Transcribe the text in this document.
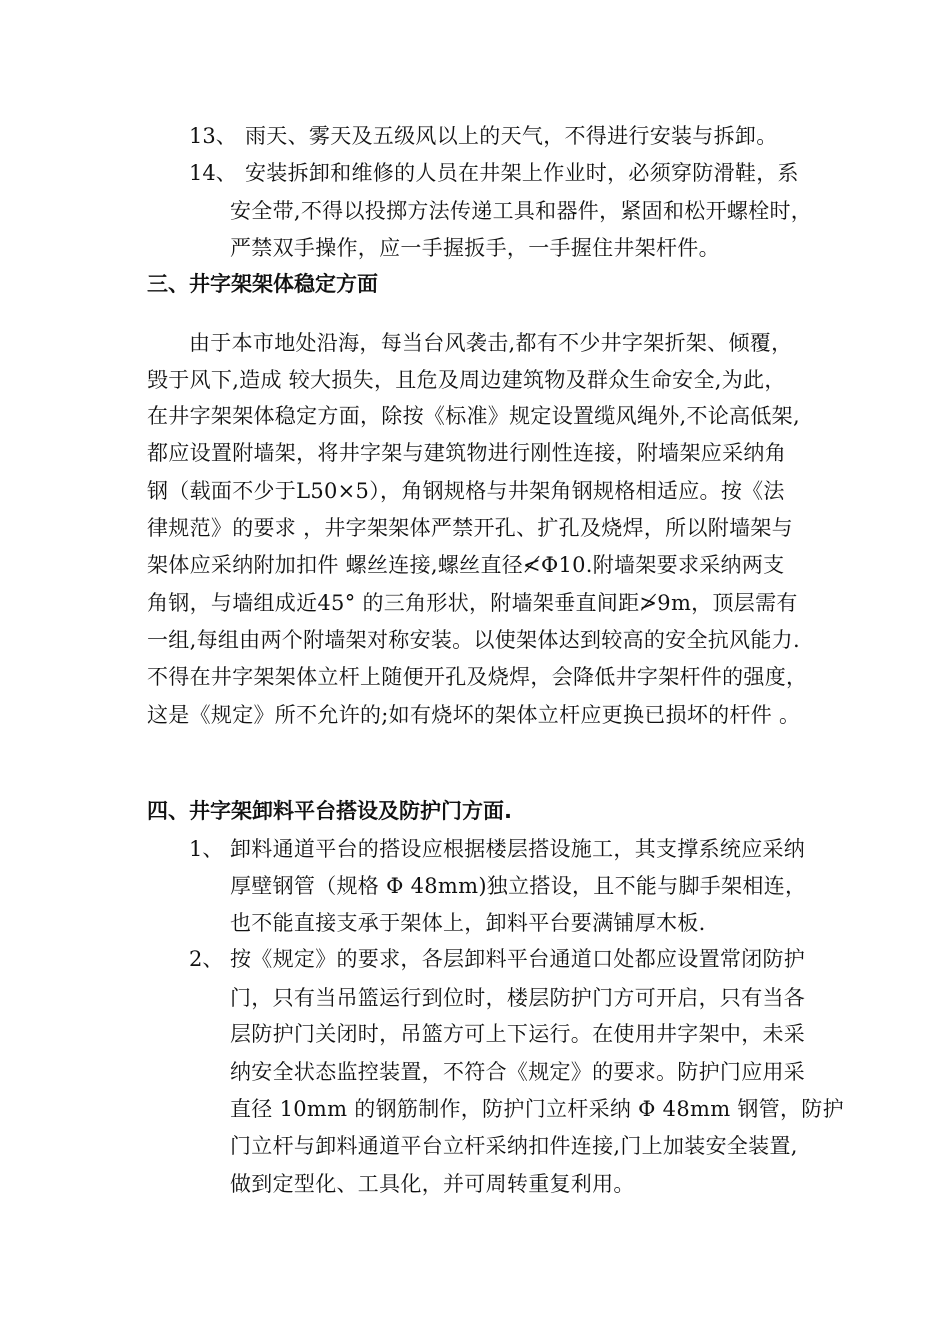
13、 雨天、雾天及五级风以上的天气，不得进行安装与拆卸。
14、 安装拆卸和维修的人员在井架上作业时，必须穿防滑鞋，系
安全带,不得以投掷方法传递工具和器件，紧固和松开螺栓时，
严禁双手操作，应一手握扳手，一手握住井架杆件。
三、井字架架体稳定方面
由于本市地处沿海，每当台风袭击,都有不少井字架折架、倾覆，
毁于风下,造成 较大损失，且危及周边建筑物及群众生命安全,为此，
在井字架架体稳定方面，除按《标准》规定设置缆风绳外,不论高低架,
都应设置附墙架，将井字架与建筑物进行刚性连接，附墙架应采纳角
钢（载面不少于L50×5），角钢规格与井架角钢规格相适应。按《法
律规范》的要求 ，井字架架体严禁开孔、扩孔及烧焊，所以附墙架与
架体应采纳附加扣件 螺丝连接,螺丝直径≮Φ10.附墙架要求采纳两支
角钢，与墙组成近45° 的三角形状，附墙架垂直间距≯9m，顶层需有
一组,每组由两个附墙架对称安装。以使架体达到较高的安全抗风能力.
不得在井字架架体立杆上随便开孔及烧焊，会降低井字架杆件的强度，
这是《规定》所不允许的;如有烧坏的架体立杆应更换已损坏的杆件 。
四、井字架卸料平台搭设及防护门方面.
1、 卸料通道平台的搭设应根据楼层搭设施工，其支撑系统应采纳
厚壁钢管（规格 Φ 48mm)独立搭设，且不能与脚手架相连，
也不能直接支承于架体上，卸料平台要满铺厚木板.
2、 按《规定》的要求，各层卸料平台通道口处都应设置常闭防护
门，只有当吊篮运行到位时，楼层防护门方可开启，只有当各
层防护门关闭时，吊篮方可上下运行。在使用井字架中，未采
纳安全状态监控装置，不符合《规定》的要求。防护门应用采
直径 10mm 的钢筋制作，防护门立杆采纳 Φ 48mm 钢管，防护
门立杆与卸料通道平台立杆采纳扣件连接,门上加装安全装置,
做到定型化、工具化，并可周转重复利用。
